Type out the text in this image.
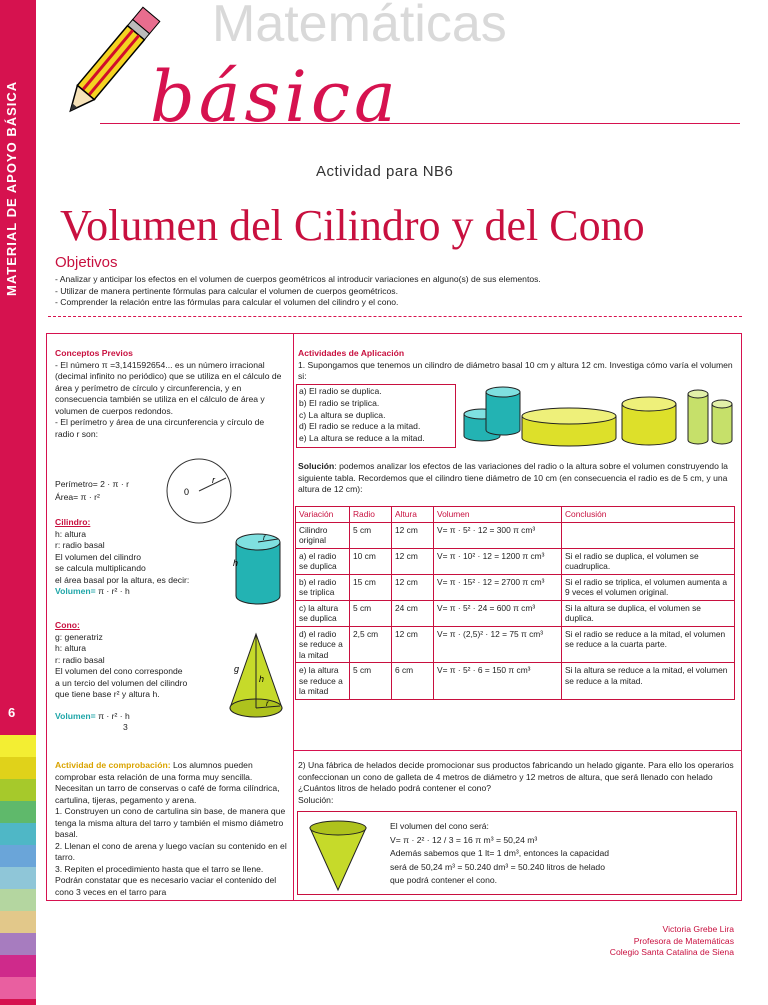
MATERIAL DE APOYO BÁSICA
6
Matemáticas
básica
Actividad para NB6
Volumen del Cilindro y del Cono
Objetivos
- Analizar y anticipar los efectos en el volumen de cuerpos geométricos al introducir variaciones en alguno(s) de sus elementos.
- Utilizar de manera pertinente fórmulas para calcular el volumen de cuerpos geométricos.
- Comprender la relación entre las fórmulas para calcular el volumen del cilindro y el cono.
Conceptos Previos
- El número π =3,141592654... es un número irracional (decimal infinito no periódico) que se utiliza en el cálculo de área y perímetro de círculo y circunferencia, y en consecuencia también se utiliza en el cálculo de área y volumen de cuerpos redondos.
- El perímetro y área de una circunferencia y círculo de radio r son:
Perímetro= 2 · π · r
Área= π · r²	0
r
Cilindro:
h: altura
r: radio basal
El volumen del cilindro
se calcula multiplicando
el área basal por la altura, es decir:
Volumen= π · r² · h
h
r
Cono:
g: generatriz
h: altura
r: radio basal
El volumen del cono corresponde
a un tercio del volumen del cilindro
que tiene base r² y altura h.
Volumen= π · r² · h
3
g
h
r
Actividad de comprobación: Los alumnos pueden comprobar esta relación de una forma muy sencilla. Necesitan un tarro de conservas o café de forma cilíndrica, cartulina, tijeras, pegamento y arena.
1. Construyen un cono de cartulina sin base, de manera que tenga la misma altura del tarro y también el mismo diámetro basal.
2. Llenan el cono de arena y luego vacían su contenido en el tarro.
3. Repiten el procedimiento hasta que el tarro se llene. Podrán constatar que es necesario vaciar el contenido del cono 3 veces en el tarro para
Actividades de Aplicación
1. Supongamos que tenemos un cilindro de diámetro basal 10 cm y altura 12 cm. Investiga cómo varía el volumen si:
a) El radio se duplica.
b) El radio se triplica.
c) La altura se duplica.
d) El radio se reduce a la mitad.
e) La altura se reduce a la mitad.
Solución: podemos analizar los efectos de las variaciones del radio o la altura sobre el volumen construyendo la siguiente tabla. Recordemos que el cilindro tiene diámetro de 10 cm (en consecuencia el radio es de 5 cm, y una altura de 12 cm):
Variación	Radio	Altura	Volumen	Conclusión
Cilindro original	5 cm	12 cm	V= π · 5² · 12 = 300 π cm³	
a) el radio se duplica	10 cm	12 cm	V= π · 10² · 12 = 1200 π cm³	Si el radio se duplica, el volumen se cuadruplica.
b) el radio se triplica	15 cm	12 cm	V= π · 15² · 12 = 2700 π cm³	Si el radio se triplica, el volumen aumenta a 9 veces el volumen original.
c) la altura se duplica	5 cm	24 cm	V= π · 5² · 24 = 600 π cm³	Si la altura se duplica, el volumen se duplica.
d) el radio se reduce a la mitad	2,5 cm	12 cm	V= π · (2,5)² · 12 = 75 π cm³	Si el radio se reduce a la mitad, el volumen se reduce a la cuarta parte.
e) la altura se reduce a la mitad	5 cm	6 cm	V= π · 5² · 6 = 150 π cm³	Si la altura se reduce a la mitad, el volumen se reduce a la mitad.
2) Una fábrica de helados decide promocionar sus productos fabricando un helado gigante. Para ello los operarios confeccionan un cono de galleta de 4 metros de diámetro y 12 metros de altura, que será llenado con helado ¿Cuántos litros de helado podrá contener el cono?
Solución:
El volumen del cono será:
V= π · 2² · 12 / 3 = 16 π m³ = 50,24 m³
Además sabemos que 1 lt= 1 dm³, entonces la capacidad
será de 50,24 m³ = 50.240 dm³ = 50.240 litros de helado
que podrá contener el cono.
Victoria Grebe Lira
Profesora de Matemáticas
Colegio Santa Catalina de Siena
